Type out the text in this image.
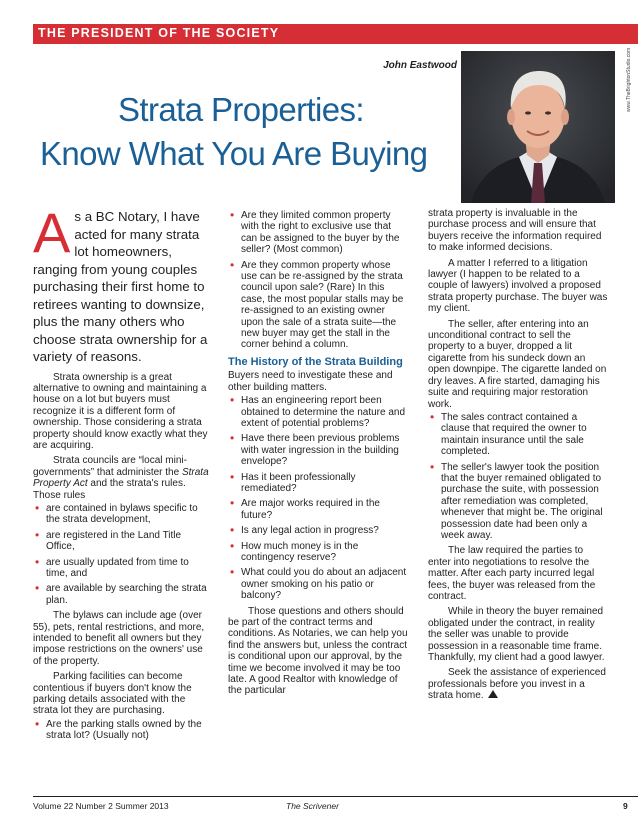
THE PRESIDENT OF THE SOCIETY
John Eastwood
Strata Properties:
Know What You Are Buying
www.TheBrightonStudio.com
A s a BC Notary, I have acted for many strata lot homeowners, ranging from young couples purchasing their first home to retirees wanting to downsize, plus the many others who choose strata ownership for a variety of reasons.

Strata ownership is a great alternative to owning and maintaining a house on a lot but buyers must recognize it is a different form of ownership. Those considering a strata property should know exactly what they are acquiring.

Strata councils are “local mini-governments” that administer the Strata Property Act and the strata's rules. Those rules

• are contained in bylaws specific to the strata development,
• are registered in the Land Title Office,
• are usually updated from time to time, and
• are available by searching the strata plan.

The bylaws can include age (over 55), pets, rental restrictions, and more, intended to benefit all owners but they impose restrictions on the owners' use of the property.

Parking facilities can become contentious if buyers don't know the parking details associated with the strata lot they are purchasing.

• Are the parking stalls owned by the strata lot? (Usually not)
• Are they limited common property with the right to exclusive use that can be assigned to the buyer by the seller? (Most common)
• Are they common property whose use can be re-assigned by the strata council upon sale? (Rare) In this case, the most popular stalls may be re-assigned to an existing owner upon the sale of a strata suite—the new buyer may get the stall in the corner behind a column.

The History of the Strata Building

Buyers need to investigate these and other building matters.

• Has an engineering report been obtained to determine the nature and extent of potential problems?
• Have there been previous problems with water ingression in the building envelope?
• Has it been professionally remediated?
• Are major works required in the future?
• Is any legal action in progress?
• How much money is in the contingency reserve?
• What could you do about an adjacent owner smoking on his patio or balcony?

Those questions and others should be part of the contract terms and conditions. As Notaries, we can help you find the answers but, unless the contract is conditional upon our approval, by the time we become involved it may be too late. A good Realtor with knowledge of the particular

strata property is invaluable in the purchase process and will ensure that buyers receive the information required to make informed decisions.

A matter I referred to a litigation lawyer (I happen to be related to a couple of lawyers) involved a proposed strata property purchase. The buyer was my client.

The seller, after entering into an unconditional contract to sell the property to a buyer, dropped a lit cigarette from his sundeck down an open downpipe. The cigarette landed on dry leaves. A fire started, damaging his suite and requiring major restoration work.

• The sales contract contained a clause that required the owner to maintain insurance until the sale completed.
• The seller's lawyer took the position that the buyer remained obligated to purchase the suite, with possession after remediation was completed, whenever that might be. The original possession date had been only a week away.

The law required the parties to enter into negotiations to resolve the matter. After each party incurred legal fees, the buyer was released from the contract.

While in theory the buyer remained obligated under the contract, in reality the seller was unable to provide possession in a reasonable time frame. Thankfully, my client had a good lawyer.

Seek the assistance of experienced professionals before you invest in a strata home.

Volume 22 Number 2 Summer 2013	The Scrivener	9
